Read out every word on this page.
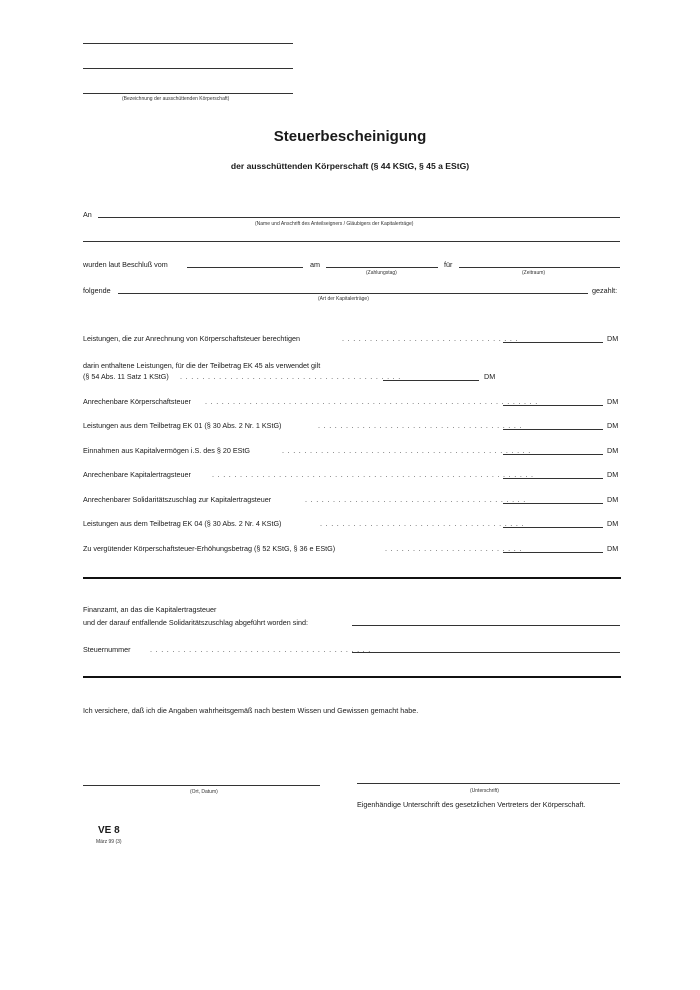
(Bezeichnung der ausschüttenden Körperschaft)
Steuerbescheinigung
der ausschüttenden Körperschaft (§ 44 KStG, § 45 a EStG)
An
(Name und Anschrift des Anteilseigners / Gläubigers der Kapitalerträge)
wurden laut Beschluß vom	am
(Zahlungstag)
für
(Zeitraum)
folgende
(Art der Kapitalerträge)
gezahlt:
Leistungen, die zur Anrechnung von Körperschaftsteuer berechtigen	................................	DM
darin enthaltene Leistungen, für die der Teilbetrag EK 45 als verwendet gilt
(§ 54 Abs. 11 Satz 1 KStG) ........................................	DM
Anrechenbare Körperschaftsteuer ............................................................	DM
Leistungen aus dem Teilbetrag EK 01 (§ 30 Abs. 2 Nr. 1 KStG)	.....................................	DM
Einnahmen aus Kapitalvermögen i.S. des § 20 EStG	.............................................	DM
Anrechenbare Kapitalertragsteuer	..........................................................	DM
Anrechenbarer Solidaritätszuschlag zur Kapitalertragsteuer	........................................	DM
Leistungen aus dem Teilbetrag EK 04 (§ 30 Abs. 2 Nr. 4 KStG)	.....................................	DM
Zu vergütender Körperschaftsteuer-Erhöhungsbetrag (§ 52 KStG, § 36 e EStG)	.........................	DM
Finanzamt, an das die Kapitalertragsteuer
und der darauf entfallende Solidaritätszuschlag abgeführt worden sind:
Steuernummer	........................................
Ich versichere, daß ich die Angaben wahrheitsgemäß nach bestem Wissen und Gewissen gemacht habe.
(Ort, Datum)	(Unterschrift)
Eigenhändige Unterschrift des gesetzlichen Vertreters der Körperschaft.
VE 8
März 99 (3)
